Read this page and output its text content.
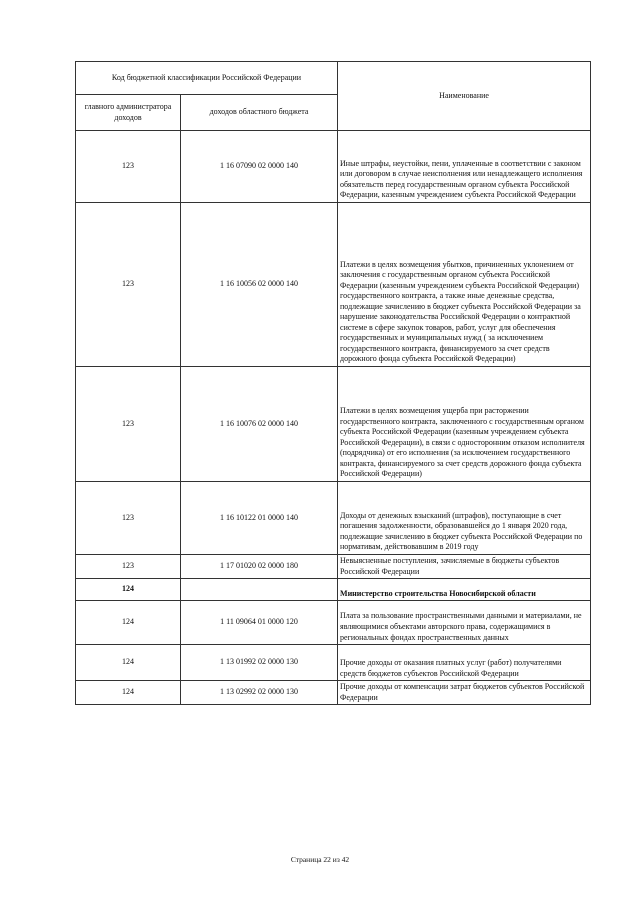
Код бюджетной классификации Российской Федерации		Наименование
главного администратора доходов	доходов областного бюджета	
123	1 16 07090 02 0000 140	Иные штрафы, неустойки, пени, уплаченные в соответствии с законом или договором в случае неисполнения или ненадлежащего исполнения обязательств перед государственным органом субъекта Российской Федерации, казенным учреждением субъекта Российской Федерации
123	1 16 10056 02 0000 140	Платежи в целях возмещения убытков, причиненных уклонением от заключения с государственным органом субъекта Российской Федерации (казенным учреждением субъекта Российской Федерации) государственного контракта, а также иные денежные средства, подлежащие зачислению в бюджет субъекта Российской Федерации за нарушение законодательства Российской Федерации о контрактной системе в сфере закупок товаров, работ, услуг для обеспечения государственных и муниципальных нужд ( за исключением государственного контракта, финансируемого за счет средств дорожного фонда субъекта Российской Федерации)
123	1 16 10076 02 0000 140	Платежи в целях возмещения ущерба при расторжении государственного контракта, заключенного с государственным органом субъекта Российской Федерации (казенным учреждением субъекта Российской Федерации), в связи с односторонним отказом исполнителя (подрядчика) от его исполнения (за исключением государственного контракта, финансируемого за счет средств дорожного фонда субъекта Российской Федерации)
123	1 16 10122 01 0000 140	Доходы от денежных взысканий (штрафов), поступающие в счет погашения задолженности, образовавшейся до 1 января 2020 года, подлежащие зачислению в бюджет субъекта Российской Федерации по нормативам, действовавшим в 2019 году
123	1 17 01020 02 0000 180	Невыясненные поступления, зачисляемые в бюджеты субъектов Российской Федерации
124		Министерство строительства Новосибирской области
124	1 11 09064 01 0000 120	Плата за пользование пространственными данными и материалами, не являющимися объектами авторского права, содержащимися в региональных фондах пространственных данных
124	1 13 01992 02 0000 130	Прочие доходы от оказания платных услуг (работ) получателями средств бюджетов субъектов Российской Федерации
124	1 13 02992 02 0000 130	Прочие доходы от компенсации затрат бюджетов субъектов Российской Федерации
Страница 22 из 42
